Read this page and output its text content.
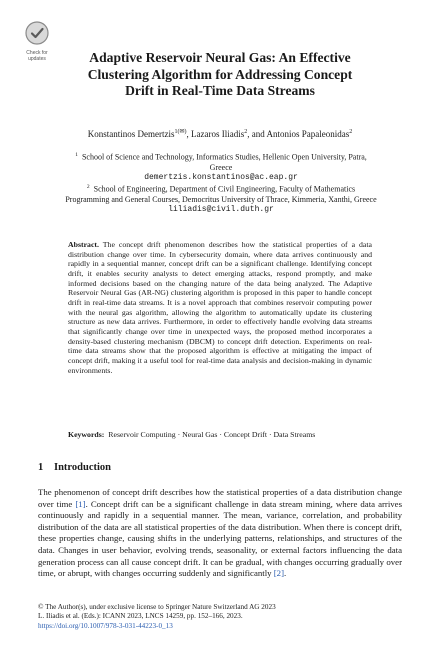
Check for
updates	Adaptive Reservoir Neural Gas: An Effective
Clustering Algorithm for Addressing Concept
Drift in Real-Time Data Streams
Konstantinos Demertzis$^{1(✉)}$, Lazaros Iliadis$^2$, and Antonios Papaleonidas$^2$
$^1$ School of Science and Technology, Informatics Studies, Hellenic Open University, Patra,
Greece
demertzis.konstantinos@ac.eap.gr
$^2$ School of Engineering, Department of Civil Engineering, Faculty of Mathematics
Programming and General Courses, Democritus University of Thrace, Kimmeria, Xanthi, Greece
liliadis@civil.duth.gr
Abstract. The concept drift phenomenon describes how the statistical properties of a data distribution change over time. In cybersecurity domain, where data arrives continuously and rapidly in a sequential manner, concept drift can be a significant challenge. Identifying concept drift, it enables security analysts to detect emerging attacks, respond promptly, and make informed decisions based on the changing nature of the data being analyzed. The Adaptive Reservoir Neural Gas (AR-NG) clustering algorithm is proposed in this paper to handle concept drift in real-time data streams. It is a novel approach that combines reservoir computing power with the neural gas algorithm, allowing the algorithm to automatically update its clustering structure as new data arrives. Furthermore, in order to effectively handle evolving data streams that significantly change over time in unexpected ways, the proposed method incorporates a density-based clustering mechanism (DBCM) to concept drift detection. Experiments on real-time data streams show that the proposed algorithm is effective at mitigating the impact of concept drift, making it a useful tool for real-time data analysis and decision-making in dynamic environments.
Keywords: Reservoir Computing · Neural Gas · Concept Drift · Data Streams
1 Introduction
The phenomenon of concept drift describes how the statistical properties of a data distribution change over time [1]. Concept drift can be a significant challenge in data stream mining, where data arrives continuously and rapidly in a sequential manner. The mean, variance, correlation, and probability distribution of the data are all statistical properties of the data distribution. When there is concept drift, these properties change, causing shifts in the underlying patterns, relationships, and structures of the data. Changes in user behavior, evolving trends, seasonality, or external factors influencing the data generation process can all cause concept drift. It can be gradual, with changes occurring gradually over time, or abrupt, with changes occurring suddenly and significantly [2].
© The Author(s), under exclusive license to Springer Nature Switzerland AG 2023
L. Iliadis et al. (Eds.): ICANN 2023, LNCS 14259, pp. 152–166, 2023.
https://doi.org/10.1007/978-3-031-44223-0_13
